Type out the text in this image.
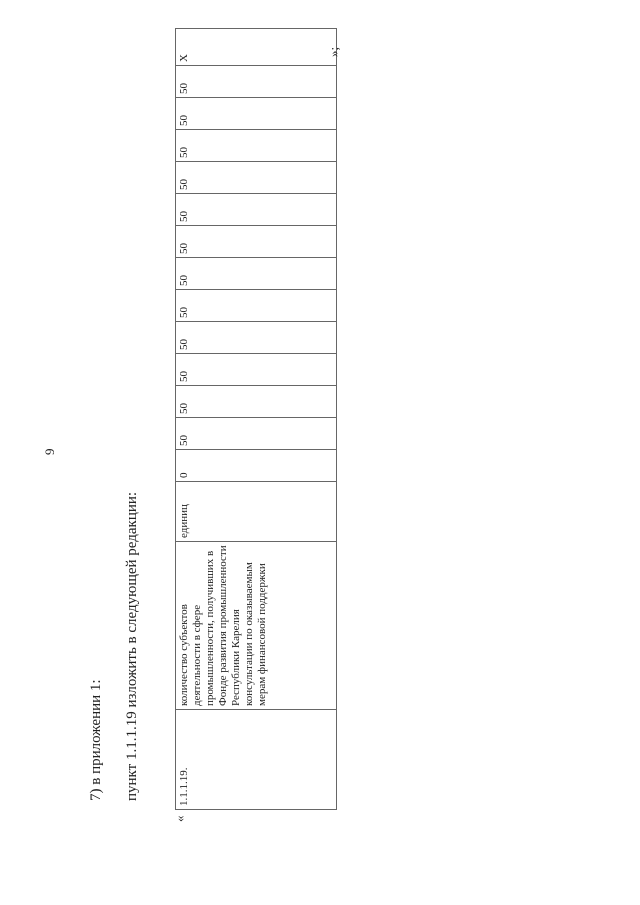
9
7) в приложении 1: пункт 1.1.1.19 изложить в следующей редакции:
«
1.1.1.19.	количество субъектов деятельности в сфере промышленности, получивших в Фонде развития промышленности Республики Карелия консультации по оказываемым мерам финансовой поддержки	единиц	0	50	50	50	50	50	50	50	50	50	50	50	50	Х
»;
